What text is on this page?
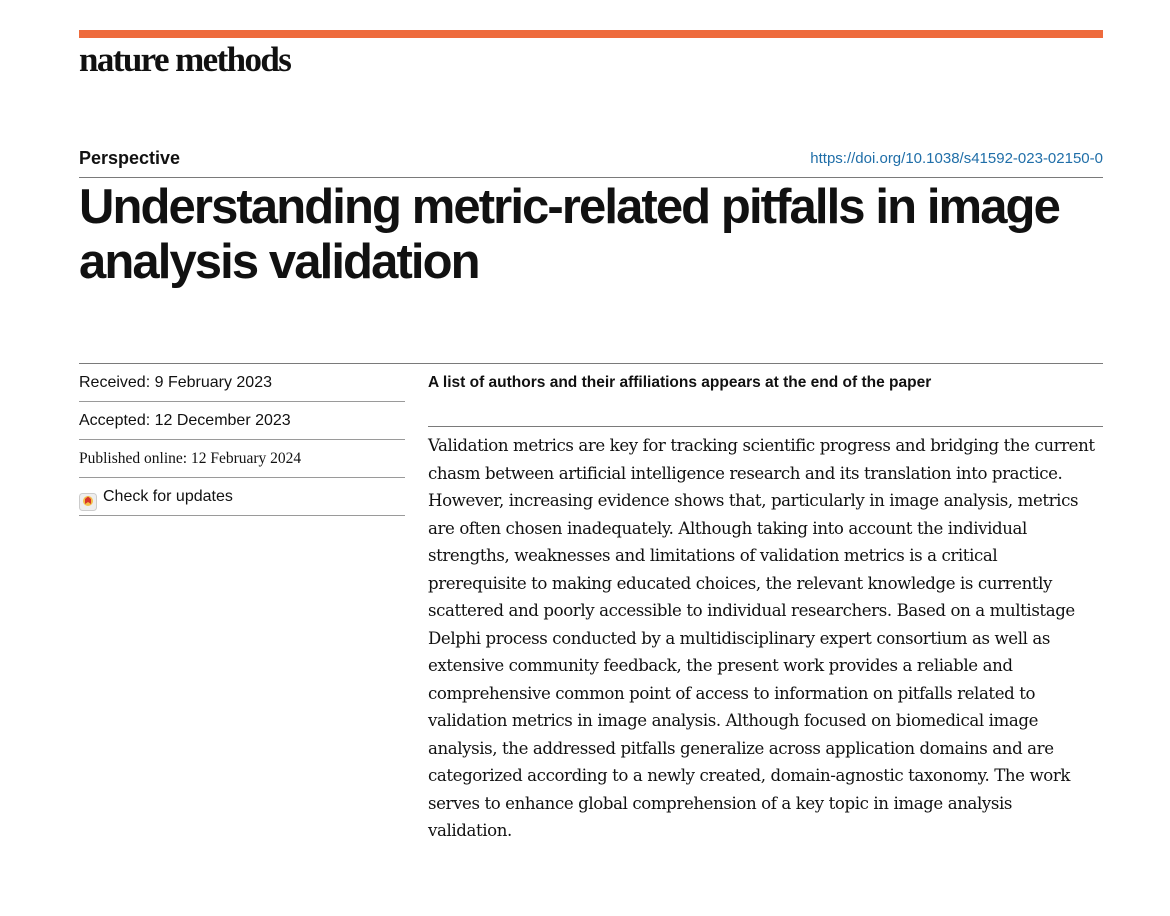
nature methods
Perspective	https://doi.org/10.1038/s41592-023-02150-0
Understanding metric-related pitfalls in image analysis validation
Received: 9 February 2023
Accepted: 12 December 2023
Published online: 12 February 2024
Check for updates
A list of authors and their affiliations appears at the end of the paper

Validation metrics are key for tracking scientific progress and bridging the current chasm between artificial intelligence research and its translation into practice. However, increasing evidence shows that, particularly in image analysis, metrics are often chosen inadequately. Although taking into account the individual strengths, weaknesses and limitations of validation metrics is a critical prerequisite to making educated choices, the relevant knowledge is currently scattered and poorly accessible to individual researchers. Based on a multistage Delphi process conducted by a multidisciplinary expert consortium as well as extensive community feedback, the present work provides a reliable and comprehensive common point of access to information on pitfalls related to validation metrics in image analysis. Although focused on biomedical image analysis, the addressed pitfalls generalize across application domains and are categorized according to a newly created, domain-agnostic taxonomy. The work serves to enhance global comprehension of a key topic in image analysis validation.
